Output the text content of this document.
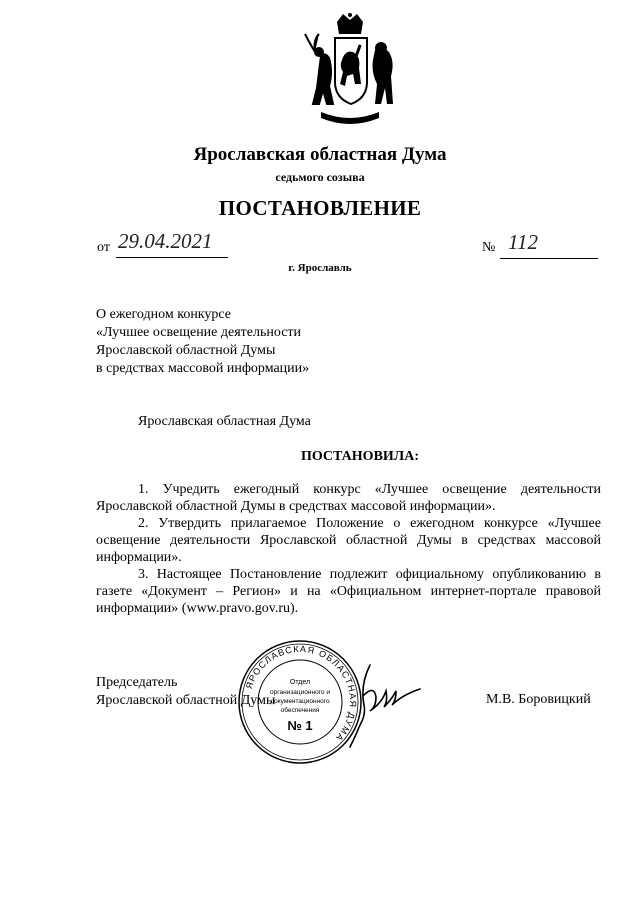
Ярославская областная Дума
седьмого созыва
ПОСТАНОВЛЕНИЕ
от 29.04.2021	№ 112
г. Ярославль
О ежегодном конкурсе
«Лучшее освещение деятельности
Ярославской областной Думы
в средствах массовой информации»
Ярославская областная Дума
ПОСТАНОВИЛА:

1. Учредить ежегодный конкурс «Лучшее освещение деятельности Ярославской областной Думы в средствах массовой информации».

2. Утвердить прилагаемое Положение о ежегодном конкурсе «Лучшее освещение деятельности Ярославской областной Думы в средствах массовой информации».

3. Настоящее Постановление подлежит официальному опубликованию в газете «Документ – Регион» и на «Официальном интернет-портале правовой информации» (www.pravo.gov.ru).

Председатель
Ярославской областной Думы	М.В. Боровицкий
ЯРОСЛАВСКАЯ ОБЛАСТНАЯ ДУМА
Отдел
организационного и
документационного
обеспечения
№ 1
